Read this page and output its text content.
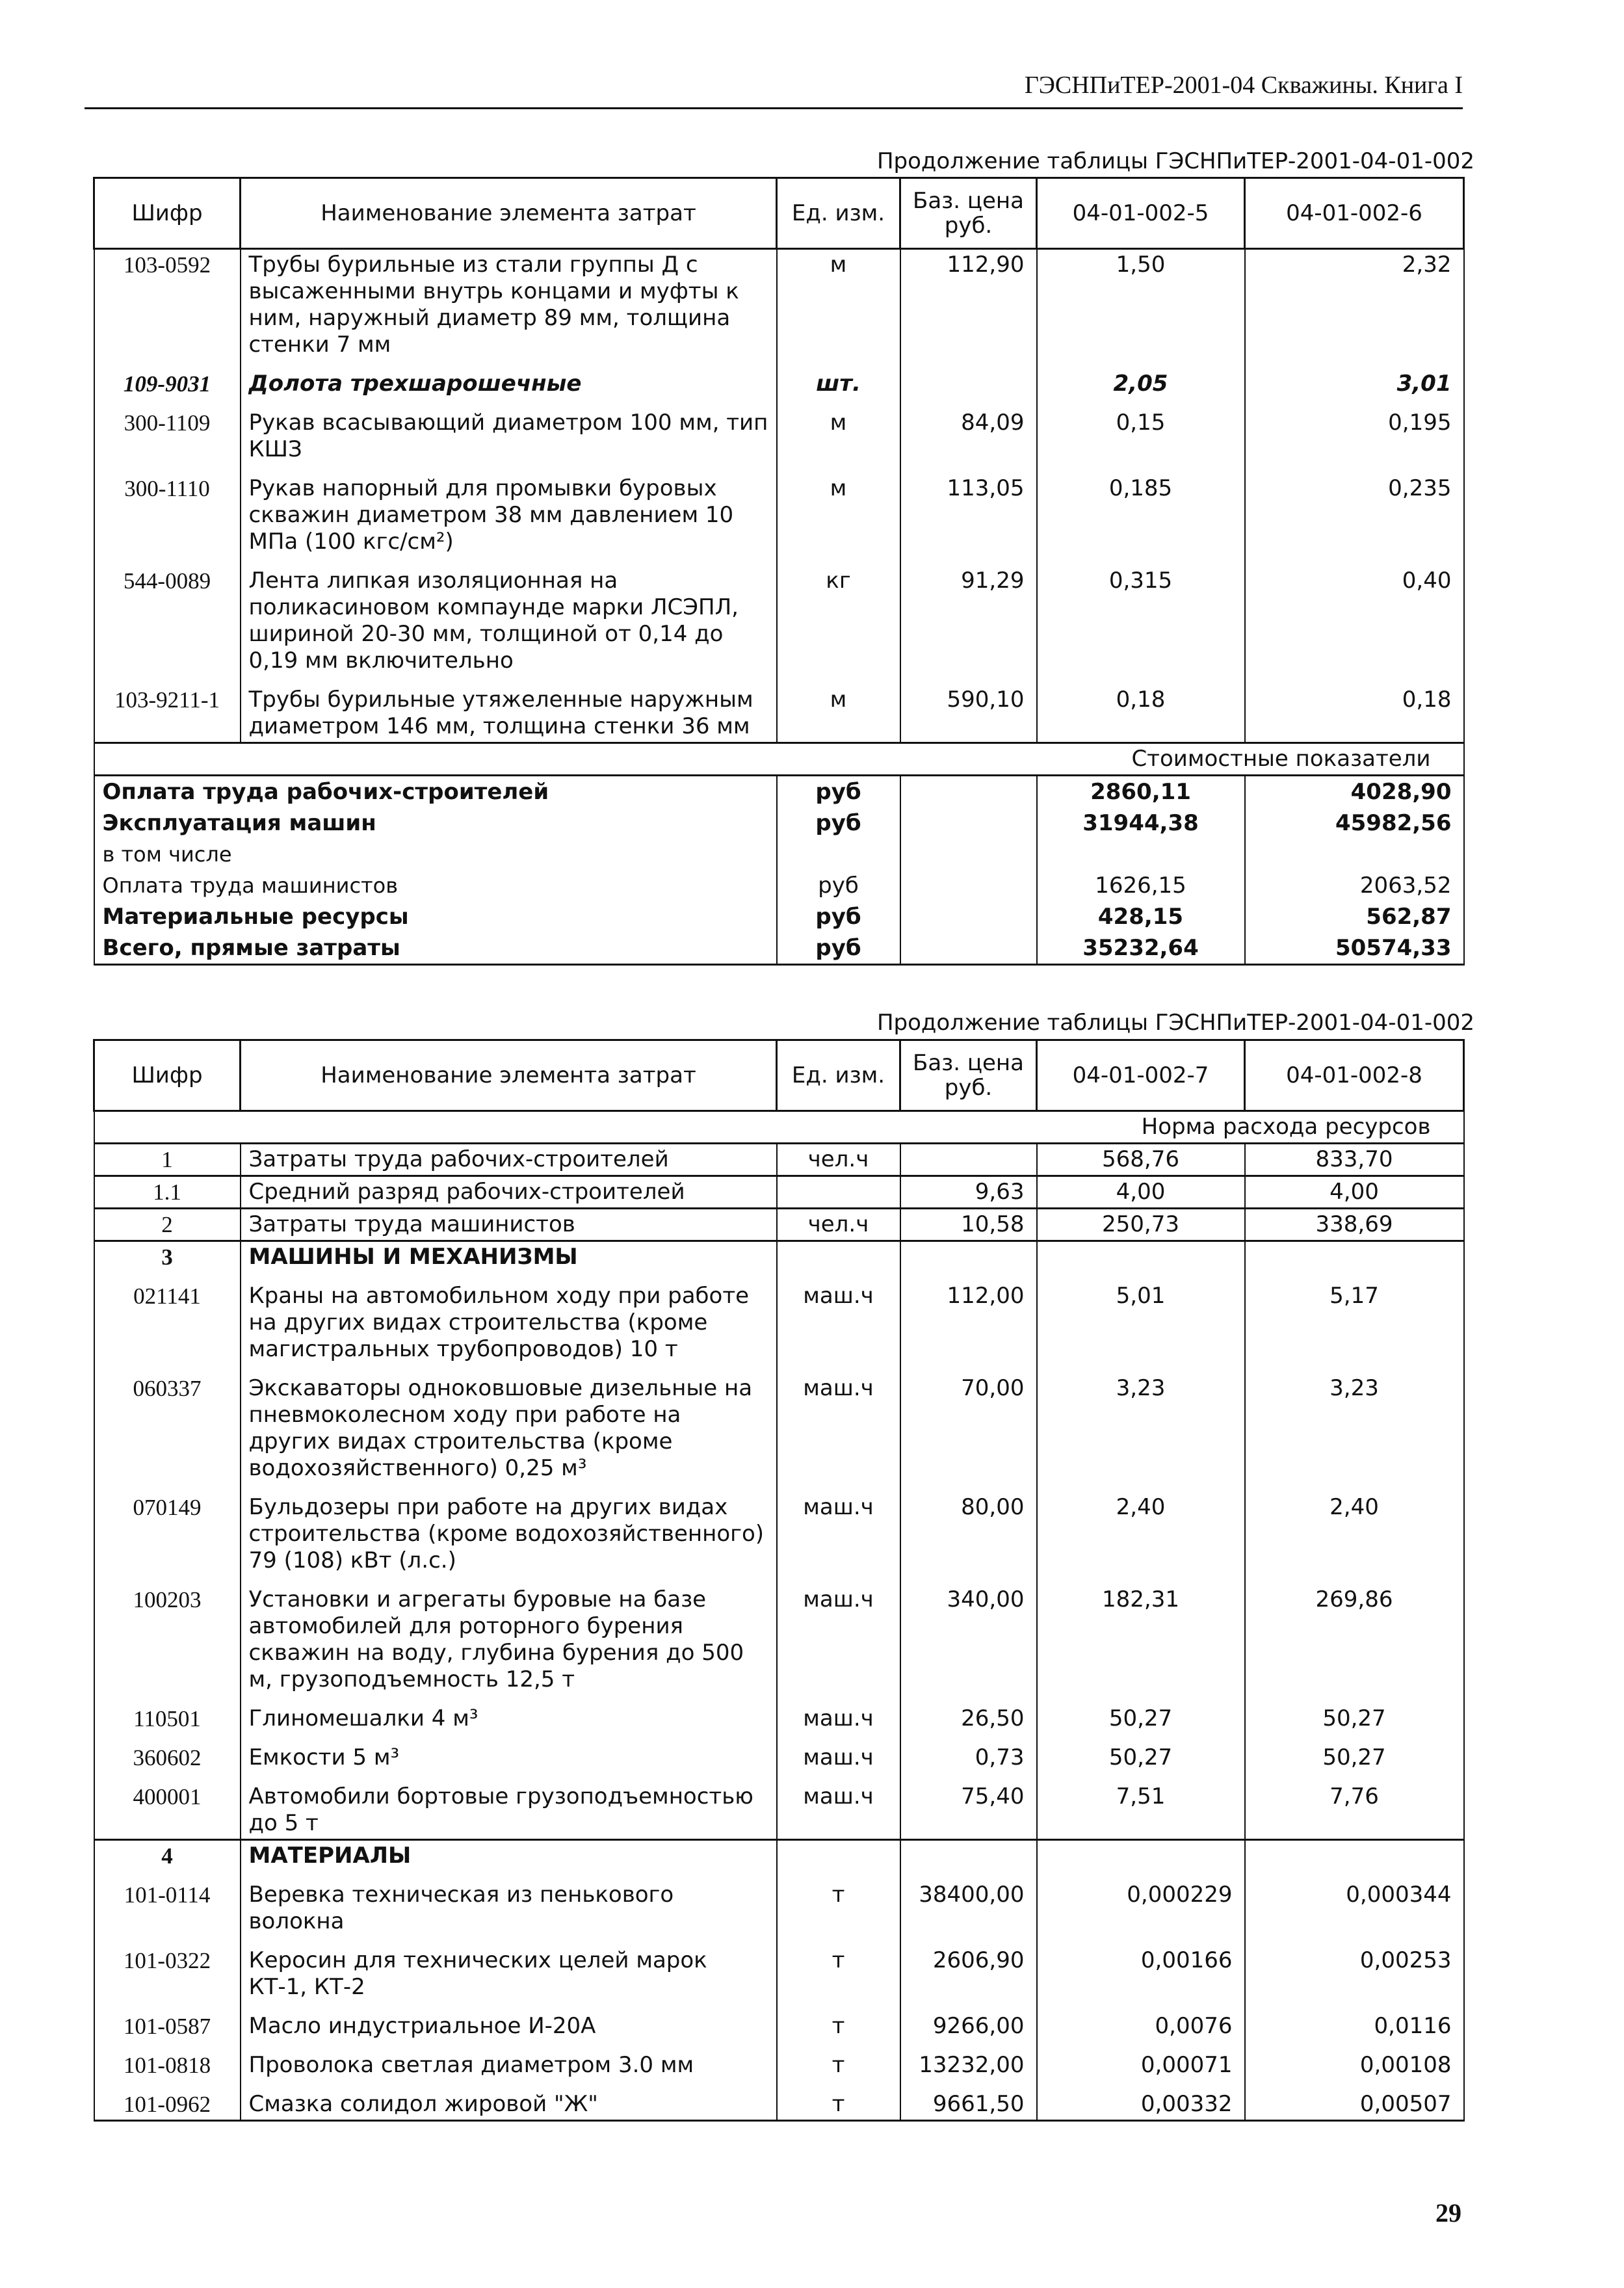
ГЭСНПиТЕР-2001-04 Скважины. Книга I
Продолжение таблицы ГЭСНПиТЕР-2001-04-01-002
Шифр	Наименование элемента затрат	Ед. изм.	Баз. цена руб.	04-01-002-5	04-01-002-6
103-0592	Трубы бурильные из стали группы Д с высаженными внутрь концами и муфты к ним, наружный диаметр 89 мм, толщина стенки 7 мм	м	112,90	1,50	2,32
109-9031	Долота трехшарошечные	шт.		2,05	3,01
300-1109	Рукав всасывающий диаметром 100 мм, тип КШЗ	м	84,09	0,15	0,195
300-1110	Рукав напорный для промывки буровых скважин диаметром 38 мм давлением 10 МПа (100 кгс/см²)	м	113,05	0,185	0,235
544-0089	Лента липкая изоляционная на поликасиновом компаунде марки ЛСЭПЛ, шириной 20-30 мм, толщиной от 0,14 до 0,19 мм включительно	кг	91,29	0,315	0,40
103-9211-1	Трубы бурильные утяжеленные наружным диаметром 146 мм, толщина стенки 36 мм	м	590,10	0,18	0,18
Стоимостные показатели					
Оплата труда рабочих-строителей		руб		2860,11	4028,90
Эксплуатация машин		руб		31944,38	45982,56
в том числе					
Оплата труда машинистов		руб		1626,15	2063,52
Материальные ресурсы		руб		428,15	562,87
Всего, прямые затраты		руб		35232,64	50574,33
Продолжение таблицы ГЭСНПиТЕР-2001-04-01-002
Шифр	Наименование элемента затрат	Ед. изм.	Баз. цена руб.	04-01-002-7	04-01-002-8
Норма расхода ресурсов					
1	Затраты труда рабочих-строителей	чел.ч		568,76	833,70
1.1	Средний разряд рабочих-строителей		9,63	4,00	4,00
2	Затраты труда машинистов	чел.ч	10,58	250,73	338,69
3	МАШИНЫ И МЕХАНИЗМЫ				
021141	Краны на автомобильном ходу при работе на других видах строительства (кроме магистральных трубопроводов) 10 т	маш.ч	112,00	5,01	5,17
060337	Экскаваторы одноковшовые дизельные на пневмоколесном ходу при работе на других видах строительства (кроме водохозяйственного) 0,25 м³	маш.ч	70,00	3,23	3,23
070149	Бульдозеры при работе на других видах строительства (кроме водохозяйственного) 79 (108) кВт (л.с.)	маш.ч	80,00	2,40	2,40
100203	Установки и агрегаты буровые на базе автомобилей для роторного бурения скважин на воду, глубина бурения до 500 м, грузоподъемность 12,5 т	маш.ч	340,00	182,31	269,86
110501	Глиномешалки 4 м³	маш.ч	26,50	50,27	50,27
360602	Емкости 5 м³	маш.ч	0,73	50,27	50,27
400001	Автомобили бортовые грузоподъемностью до 5 т	маш.ч	75,40	7,51	7,76
4	МАТЕРИАЛЫ				
101-0114	Веревка техническая из пенькового волокна	т	38400,00	0,000229	0,000344
101-0322	Керосин для технических целей марок КТ-1, КТ-2	т	2606,90	0,00166	0,00253
101-0587	Масло индустриальное И-20А	т	9266,00	0,0076	0,0116
101-0818	Проволока светлая диаметром 3.0 мм	т	13232,00	0,00071	0,00108
101-0962	Смазка солидол жировой "Ж"	т	9661,50	0,00332	0,00507
29
